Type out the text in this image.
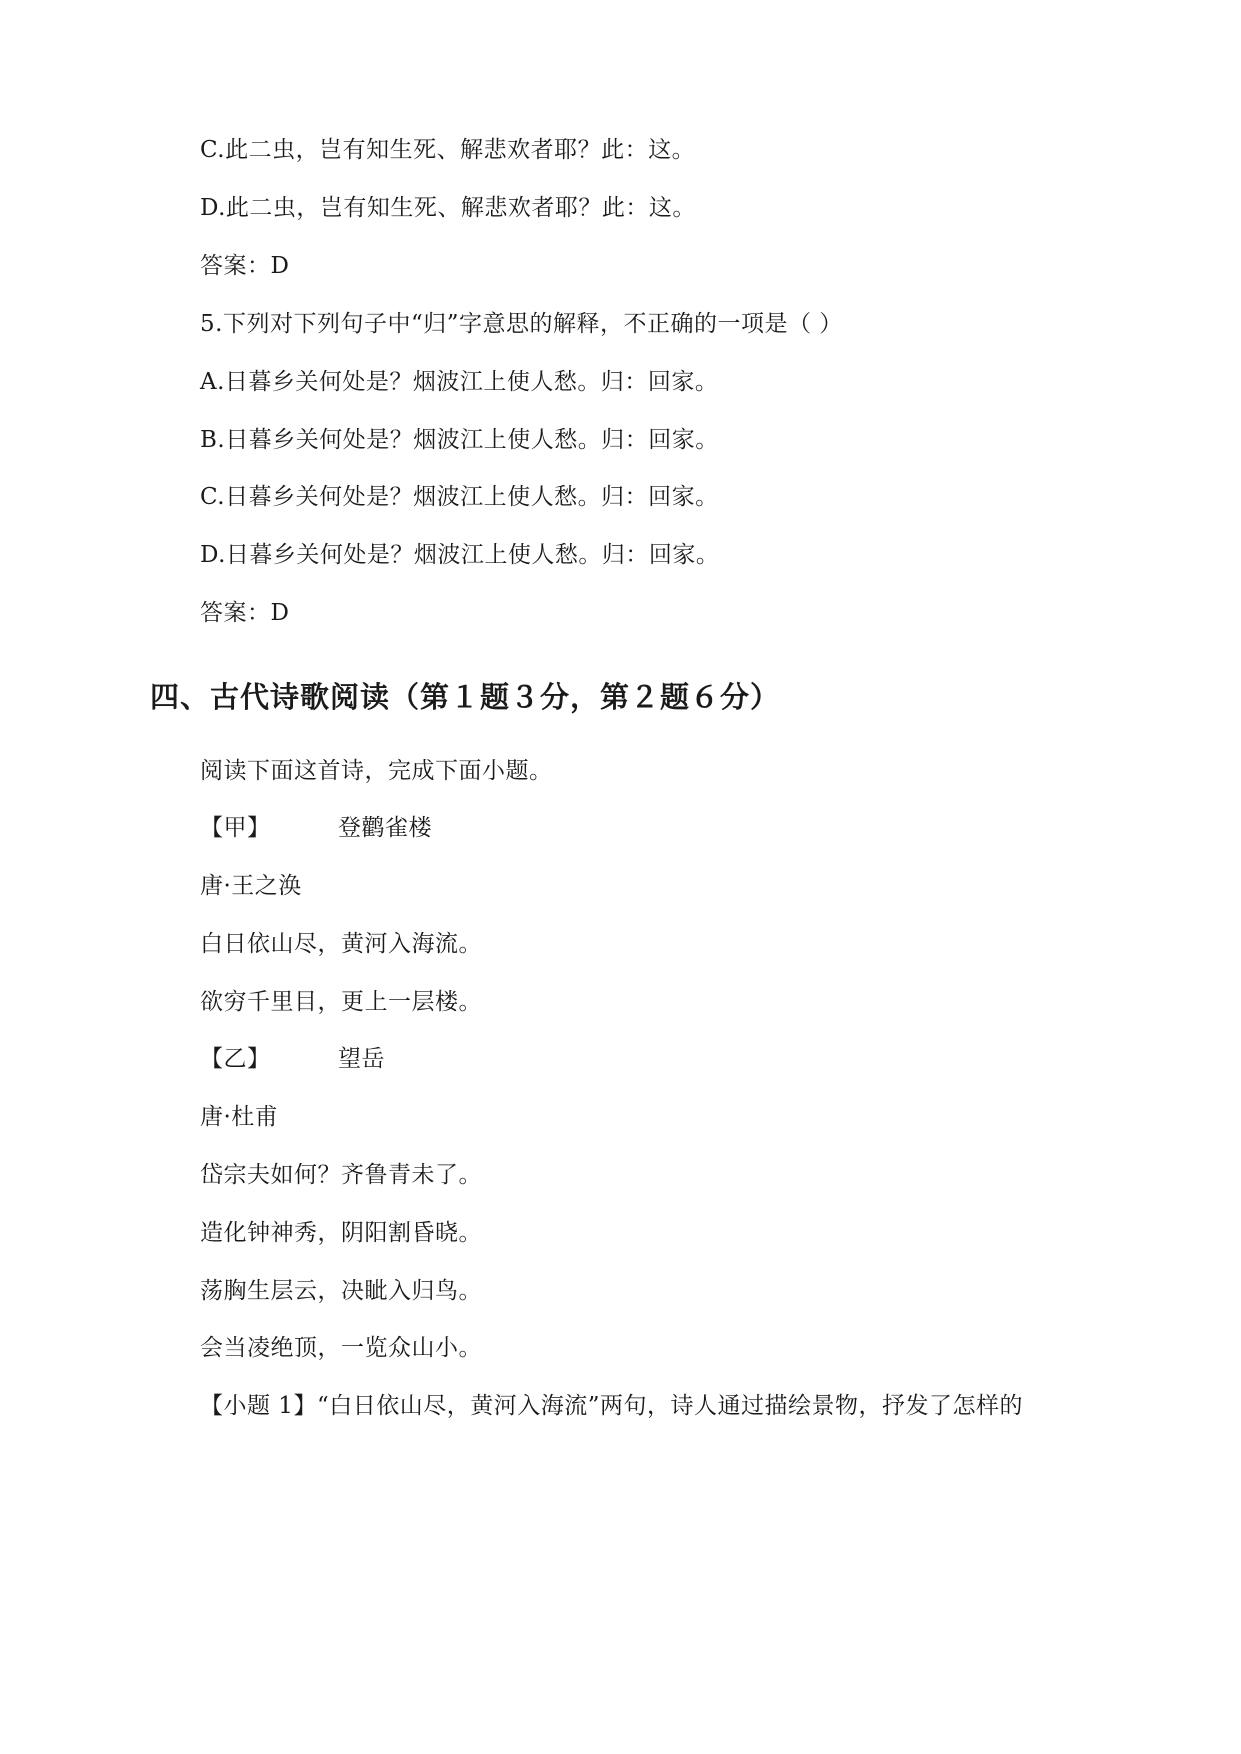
C.此二虫，岂有知生死、解悲欢者耶？此：这。
D.此二虫，岂有知生死、解悲欢者耶？此：这。
答案：D
5.下列对下列句子中“归”字意思的解释，不正确的一项是（ ）
A.日暮乡关何处是？烟波江上使人愁。归：回家。
B.日暮乡关何处是？烟波江上使人愁。归：回家。
C.日暮乡关何处是？烟波江上使人愁。归：回家。
D.日暮乡关何处是？烟波江上使人愁。归：回家。
答案：D
四、古代诗歌阅读（第１题３分，第２题６分）
阅读下面这首诗，完成下面小题。
【甲】	登鹳雀楼
唐·王之涣
白日依山尽，黄河入海流。
欲穷千里目，更上一层楼。
【乙】	望岳
唐·杜甫
岱宗夫如何？齐鲁青未了。
造化钟神秀，阴阳割昏晓。
荡胸生层云，决眦入归鸟。
会当凌绝顶，一览众山小。
【小题 1】“白日依山尽，黄河入海流”两句，诗人通过描绘景物，抒发了怎样的
